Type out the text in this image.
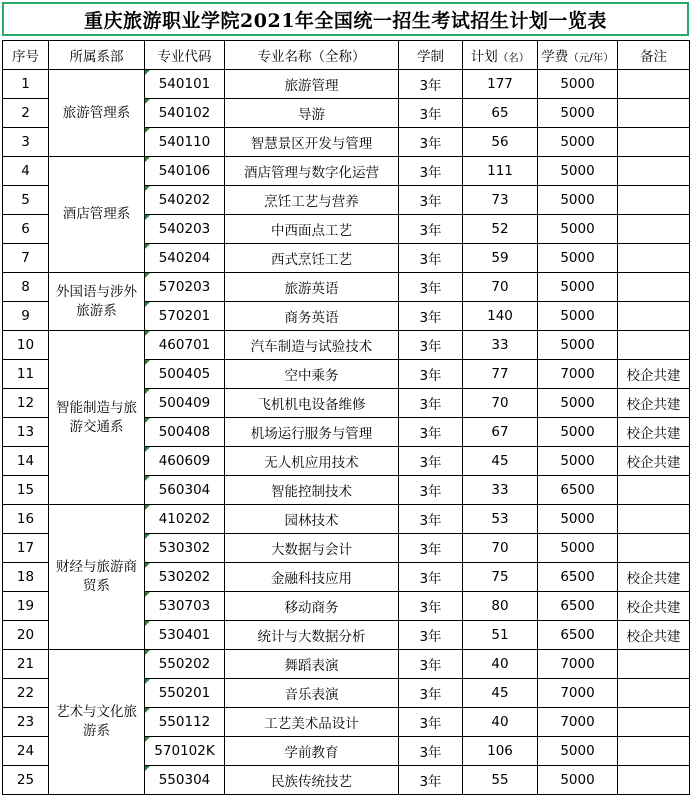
重庆旅游职业学院2021年全国统一招生考试招生计划一览表
序号	所属系部	专业代码	专业名称（全称）	学制	计划（名）	学费（元/年）	备注
1	旅游管理系	540101	旅游管理	3年	177	5000	
2		540102	导游	3年	65	5000	
3		540110	智慧景区开发与管理	3年	56	5000	
4	酒店管理系	540106	酒店管理与数字化运营	3年	111	5000	
5		540202	烹饪工艺与营养	3年	73	5000	
6		540203	中西面点工艺	3年	52	5000	
7		540204	西式烹饪工艺	3年	59	5000	
8	外国语与涉外旅游系	570203	旅游英语	3年	70	5000	
9		570201	商务英语	3年	140	5000	
10	智能制造与旅游交通系	460701	汽车制造与试验技术	3年	33	5000	
11		500405	空中乘务	3年	77	7000	校企共建
12		500409	飞机机电设备维修	3年	70	5000	校企共建
13		500408	机场运行服务与管理	3年	67	5000	校企共建
14		460609	无人机应用技术	3年	45	5000	校企共建
15		560304	智能控制技术	3年	33	6500	
16	财经与旅游商贸系	410202	园林技术	3年	53	5000	
17		530302	大数据与会计	3年	70	5000	
18		530202	金融科技应用	3年	75	6500	校企共建
19		530703	移动商务	3年	80	6500	校企共建
20		530401	统计与大数据分析	3年	51	6500	校企共建
21	艺术与文化旅游系	550202	舞蹈表演	3年	40	7000	
22		550201	音乐表演	3年	45	7000	
23		550112	工艺美术品设计	3年	40	7000	
24		570102K	学前教育	3年	106	5000	
25		550304	民族传统技艺	3年	55	5000	
